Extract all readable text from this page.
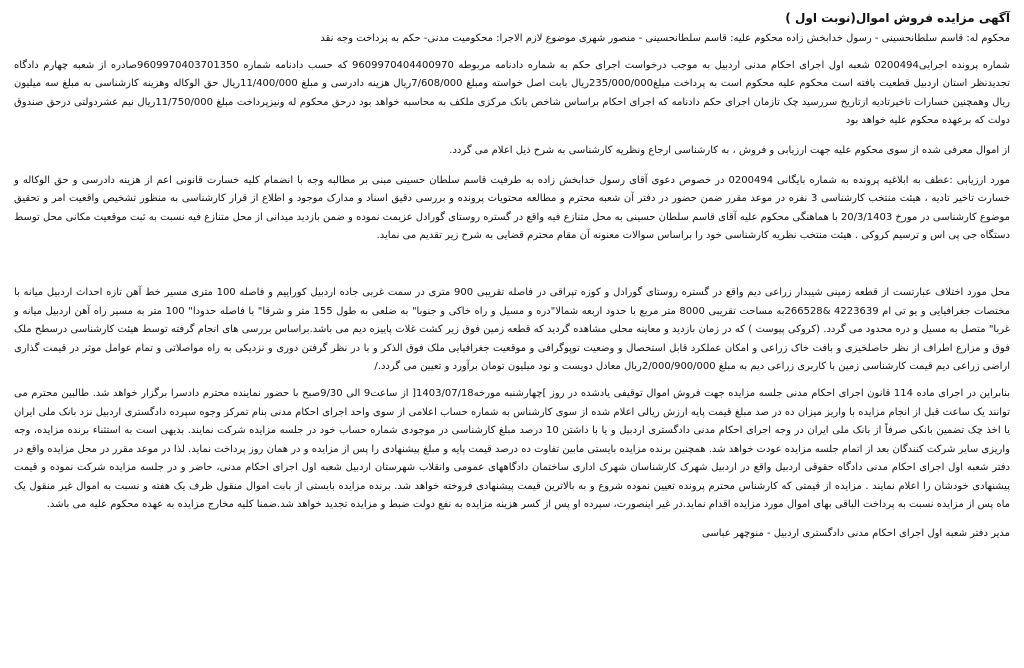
آگهی مزایده فروش اموال(نوبت اول )

محکوم له: قاسم سلطانحسینی - رسول خدابخش زاده محکوم علیه: قاسم سلطانحسینی - منصور شهری موضوع لازم الاجرا: محکومیت مدنی- حکم به پرداخت وجه نقد

شماره پرونده اجرایی0200494 شعبه اول اجرای احکام مدنی اردبیل به موجب درخواست اجرای حکم به شماره دادنامه مربوطه 9609970404400970 که حسب دادنامه شماره 9609970403701350صادره از شعبه چهارم دادگاه تجدیدنظر استان اردبیل قطعیت یافته است محکوم علیه محکوم است به پرداخت مبلغ235/000/000ریال بابت اصل خواسته ومبلغ 7/608/000ریال هزینه دادرسی و مبلغ 11/400/000ریال حق الوکاله وهزینه کارشناسی به مبلغ سه میلیون ریال وهمچنین خسارات تاخیرتادیه ازتاریخ سررسید چک تازمان اجرای حکم دادنامه که اجرای احکام براساس شاخص بانک مرکزی ملکف به محاسبه خواهد بود درحق محکوم له ونیزپرداخت مبلغ 11/750/000ریال نیم عشردولتی درحق صندوق دولت که برعهده محکوم علیه خواهد بود

از اموال معرفی شده از سوی محکوم علیه جهت ارزیابی و فروش ، به کارشناسی ارجاع ونظریه کارشناسی به شرح ذیل اعلام می گردد.

مورد ارزیابی :عطف به ابلاغیه پرونده به شماره بایگانی 0200494 در خصوص دعوی آقای رسول خدابخش زاده به طرفیت قاسم سلطان حسینی مبنی بر مطالبه وجه با انضمام کلیه خسارت قانونی اعم از هزینه دادرسی و حق الوکاله و خسارت تاخیر تادیه ، هیئت منتخب کارشناسی 3 نفره در موعد مقرر ضمن حضور در دفتر آن شعبه محترم و مطالعه محتویات پرونده و بررسی دقیق اسناد و مدارک موجود و اطلاع از قرار کارشناسی به منظور تشخیص واقعیت امر و تحقیق موضوع کارشناسی در مورخ 20/3/1403 با هماهنگی محکوم علیه آقای قاسم سلطان حسینی به محل متنازع فیه واقع در گستره روستای گورادل عزیمت نموده و ضمن بازدید میدانی از محل متنازع فیه نسبت به ثبت موقعیت مکانی محل توسط دستگاه جی پی اس و ترسیم کروکی . هیئت منتخب نظریه کارشناسی خود را براساس سوالات معنونه آن مقام محترم قضایی به شرح زیر تقدیم می نماید.

محل مورد اختلاف عبارتست از قطعه زمینی شیبدار زراعی دیم واقع در گستره روستای گورادل و کوزه تپراقی در فاصله تقریبی 900 متری در سمت غربی جاده اردبیل کوراییم و فاصله 100 متری مسیر خط آهن تازه احداث اردبیل میانه با مختصات جغرافیایی و یو تی ام 4223639 &266528به مساحت تقریبی 8000 متر مربع با حدود اربعه شمالا"دره و مسیل و راه خاکی و جنوبا" به ضلعی به طول 155 متر و شرقا" با فاصله حدودا" 100 متر به مسیر راه آهن اردبیل میانه و غربا" متصل به مسیل و دره محدود می گردد. (کروکی پیوست ) که در زمان بازدید و معاینه محلی مشاهده گردید که قطعه زمین فوق زیر کشت غلات پاییزه دیم می باشد.براساس بررسی های انجام گرفته توسط هیئت کارشناسی درسطح ملک فوق و مزارع اطراف از نظر حاصلخیزی و بافت خاک زراعی و امکان عملکرد قابل استحصال و وضعیت توپوگرافی و موقعیت جغرافیایی ملک فوق الذکر و با در نظر گرفتن دوری و نزدیکی به راه مواصلاتی و تمام عوامل موثر در قیمت گذاری اراضی زراعی دیم قیمت کارشناسی زمین با کاربری زراعی دیم به مبلغ 2/000/900/000ریال معادل دویست و نود میلیون تومان برآورد و تعیین می گردد./

بنابراین در اجرای ماده 114 قانون اجرای احکام مدنی جلسه مزایده جهت فروش اموال توقیفی یادشده در روز ]چهارشنبه مورخه1403/07/18[ از ساعت9 الی 9/30صبح با حضور نماینده محترم دادسرا برگزار خواهد شد. طالبین محترم می توانند یک ساعت قبل از انجام مزایده با واریز میزان ده در صد مبلغ قیمت پایه ارزش ریالی اعلام شده از سوی کارشناس به شماره حساب اعلامی از سوی واحد اجرای احکام مدنی بنام تمرکز وجوه سپرده دادگستری اردبیل نزد بانک ملی ایران یا اخذ چک تضمین بانکی صرفاً از بانک ملی ایران در وجه اجرای احکام مدنی دادگستری اردبیل و یا با داشتن 10 درصد مبلغ کارشناسی در موجودی شماره حساب خود در جلسه مزایده شرکت نمایند. بدیهی است به استثناء برنده مزایده، وجه واریزی سایر شرکت کنندگان بعد از اتمام جلسه مزایده عودت خواهد شد. همچنین برنده مزایده بایستی مابین تفاوت ده درصد قیمت پایه و مبلغ پیشنهادی را پس از مزایده و در همان روز پرداخت نماید. لذا در موعد مقرر در محل مزایده واقع در دفتر شعبه اول اجرای احکام مدنی دادگاه حقوقی اردبیل واقع در اردبیل شهرک کارشناسان شهرک اداری ساختمان دادگاههای عمومی وانقلاب شهرستان اردبیل شعبه اول اجرای احکام مدنی، حاضر و در جلسه مزایده شرکت نموده و قیمت پیشنهادی خودشان را اعلام نمایند . مزایده از قیمتی که کارشناس محترم پرونده تعیین نموده شروع و به بالاترین قیمت پیشنهادی فروخته خواهد شد. برنده مزایده بایستی از بابت اموال منقول ظرف یک هفته و نسبت به اموال غیر منقول یک ماه پس از مزایده نسبت به پرداخت الباقی بهای اموال مورد مزایده اقدام نماید.در غیر اینصورت، سپرده او پس از کسر هزینه مزایده به نفع دولت ضبط و مزایده تجدید خواهد شد.ضمنا کلیه مخارج مزایده به عهده محکوم علیه می باشد.

مدیر دفتر شعبه اول اجرای احکام مدنی دادگستری اردبیل - منوچهر عباسی
